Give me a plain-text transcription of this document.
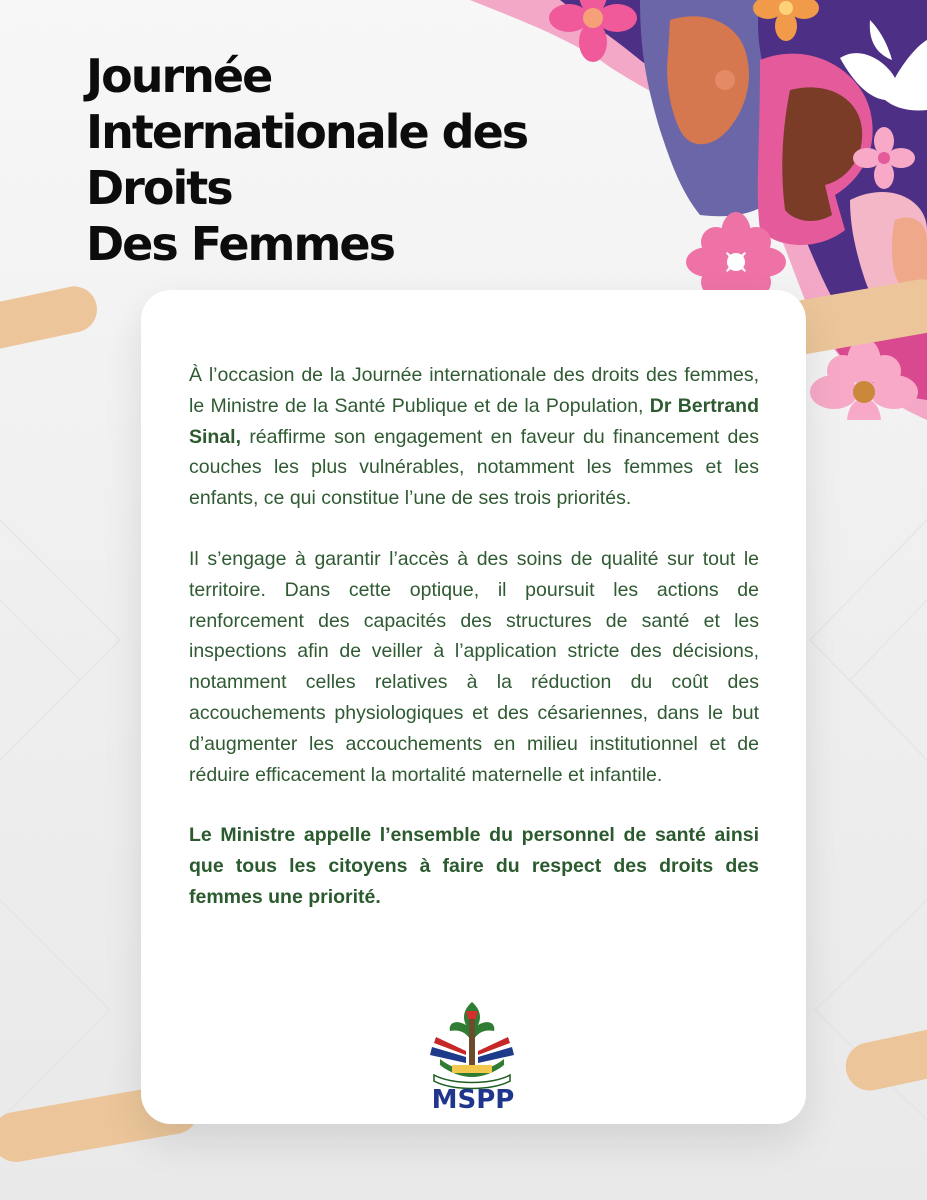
Journée
Internationale des
Droits
Des Femmes

À l’occasion de la Journée internationale des droits des femmes, le Ministre de la Santé Publique et de la Population, Dr Bertrand Sinal, réaffirme son engagement en faveur du financement des couches les plus vulnérables, notamment les femmes et les enfants, ce qui constitue l’une de ses trois priorités.

Il s’engage à garantir l’accès à des soins de qualité sur tout le territoire. Dans cette optique, il poursuit les actions de renforcement des capacités des structures de santé et les inspections afin de veiller à l’application stricte des décisions, notamment celles relatives à la réduction du coût des accouchements physiologiques et des césariennes, dans le but d’augmenter les accouchements en milieu institutionnel et de réduire efficacement la mortalité maternelle et infantile.

Le Ministre appelle l’ensemble du personnel de santé ainsi que tous les citoyens à faire du respect des droits des femmes une priorité.

MSPP
